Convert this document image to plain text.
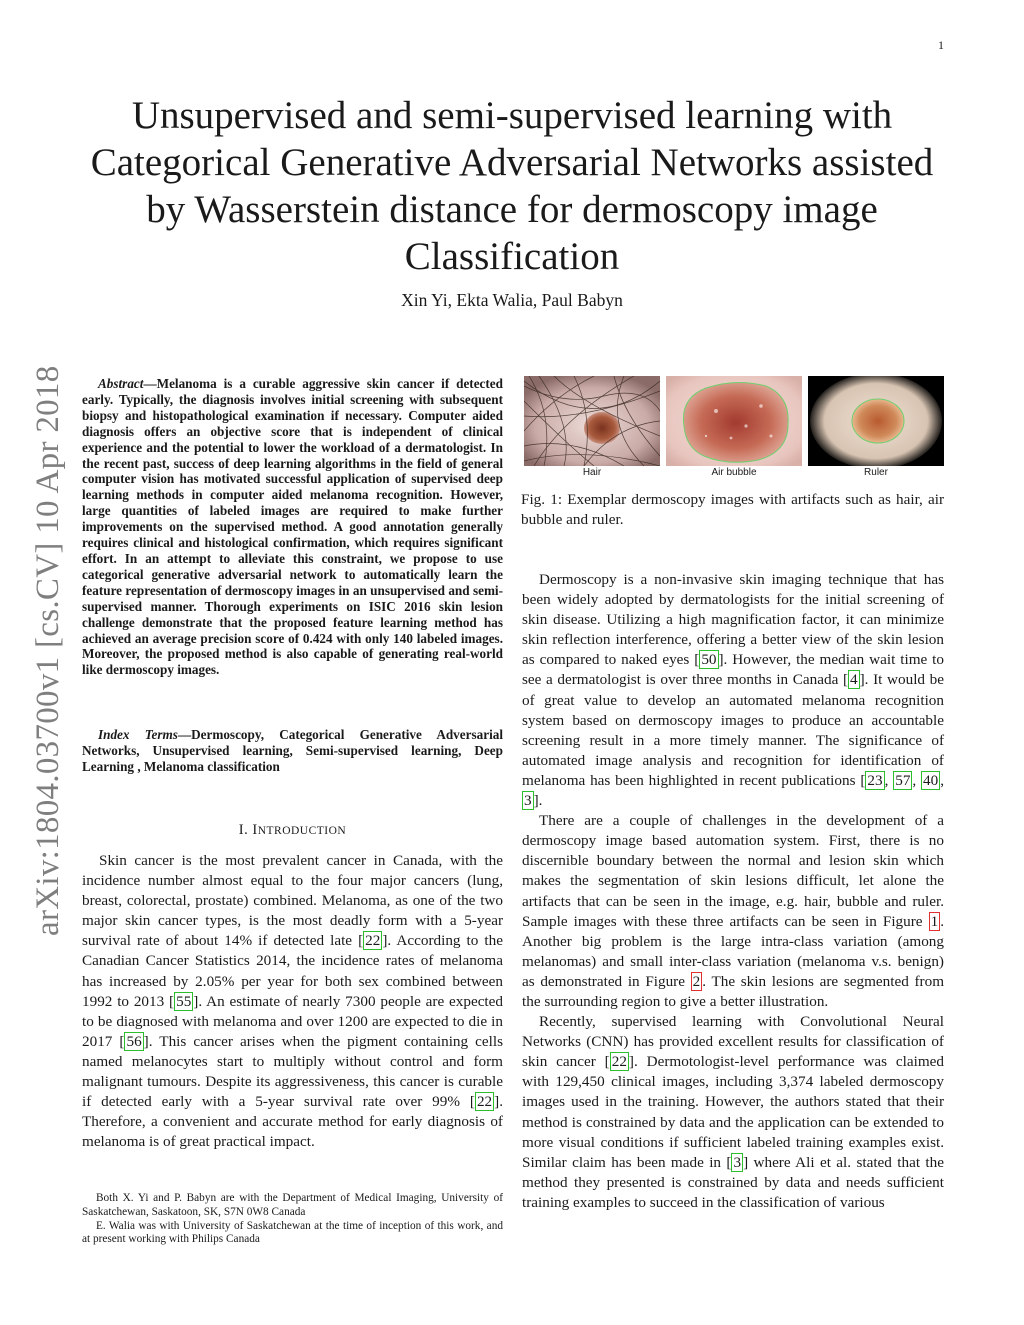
1
Unsupervised and semi-supervised learning with Categorical Generative Adversarial Networks assisted by Wasserstein distance for dermoscopy image Classification
Xin Yi, Ekta Walia, Paul Babyn
arXiv:1804.03700v1 [cs.CV] 10 Apr 2018	Abstract—Melanoma is a curable aggressive skin cancer if detected early. Typically, the diagnosis involves initial screening with subsequent biopsy and histopathological examination if necessary. Computer aided diagnosis offers an objective score that is independent of clinical experience and the potential to lower the workload of a dermatologist. In the recent past, success of deep learning algorithms in the field of general computer vision has motivated successful application of supervised deep learning methods in computer aided melanoma recognition. However, large quantities of labeled images are required to make further improvements on the supervised method. A good annotation generally requires clinical and histological confirmation, which requires significant effort. In an attempt to alleviate this constraint, we propose to use categorical generative adversarial network to automatically learn the feature representation of dermoscopy images in an unsupervised and semi-supervised manner. Thorough experiments on ISIC 2016 skin lesion challenge demonstrate that the proposed feature learning method has achieved an average precision score of 0.424 with only 140 labeled images. Moreover, the proposed method is also capable of generating real-world like dermoscopy images.
Index Terms—Dermoscopy, Categorical Generative Adversarial Networks, Unsupervised learning, Semi-supervised learning, Deep Learning , Melanoma classification
I. INTRODUCTION
Skin cancer is the most prevalent cancer in Canada, with the incidence number almost equal to the four major cancers (lung, breast, colorectal, prostate) combined. Melanoma, as one of the two major skin cancer types, is the most deadly form with a 5-year survival rate of about 14% if detected late [ 22 ]. According to the Canadian Cancer Statistics 2014, the incidence rates of melanoma has increased by 2.05% per year for both sex combined between 1992 to 2013 [ 55 ]. An estimate of nearly 7300 people are expected to be diagnosed with melanoma and over 1200 are expected to die in 2017 [ 56 ]. This cancer arises when the pigment containing cells named melanocytes start to multiply without control and form malignant tumours. Despite its aggressiveness, this cancer is curable if detected early with a 5-year survival rate over 99% [ 22 ]. Therefore, a convenient and accurate method for early diagnosis of melanoma is of great practical impact.

Both X. Yi and P. Babyn are with the Department of Medical Imaging, University of Saskatchewan, Saskatoon, SK, S7N 0W8 Canada

E. Walia was with University of Saskatchewan at the time of inception of this work, and at present working with Philips Canada

Hair	Air bubble	Ruler
Fig. 1: Exemplar dermoscopy images with artifacts such as hair, air bubble and ruler.

Dermoscopy is a non-invasive skin imaging technique that has been widely adopted by dermatologists for the initial screening of skin disease. Utilizing a high magnification factor, it can minimize skin reflection interference, offering a better view of the skin lesion as compared to naked eyes [ 50 ]. However, the median wait time to see a dermatologist is over three months in Canada [ 4 ]. It would be of great value to develop an automated melanoma recognition system based on dermoscopy images to produce an accountable screening result in a more timely manner. The significance of automated image analysis and recognition for identification of melanoma has been highlighted in recent publications [ 23 , 57 , 40 , 3 ].

There are a couple of challenges in the development of a dermoscopy image based automation system. First, there is no discernible boundary between the normal and lesion skin which makes the segmentation of skin lesions difficult, let alone the artifacts that can be seen in the image, e.g. hair, bubble and ruler. Sample images with these three artifacts can be seen in Figure 1 . Another big problem is the large intra-class variation (among melanomas) and small inter-class variation (melanoma v.s. benign) as demonstrated in Figure 2 . The skin lesions are segmented from the surrounding region to give a better illustration.

Recently, supervised learning with Convolutional Neural Networks (CNN) has provided excellent results for classification of skin cancer [ 22 ]. Dermotologist-level performance was claimed with 129,450 clinical images, including 3,374 labeled dermoscopy images used in the training. However, the authors stated that their method is constrained by data and the application can be extended to more visual conditions if sufficient labeled training examples exist. Similar claim has been made in [ 3 ] where Ali et al. stated that the method they presented is constrained by data and needs sufficient training examples to succeed in the classification of various
